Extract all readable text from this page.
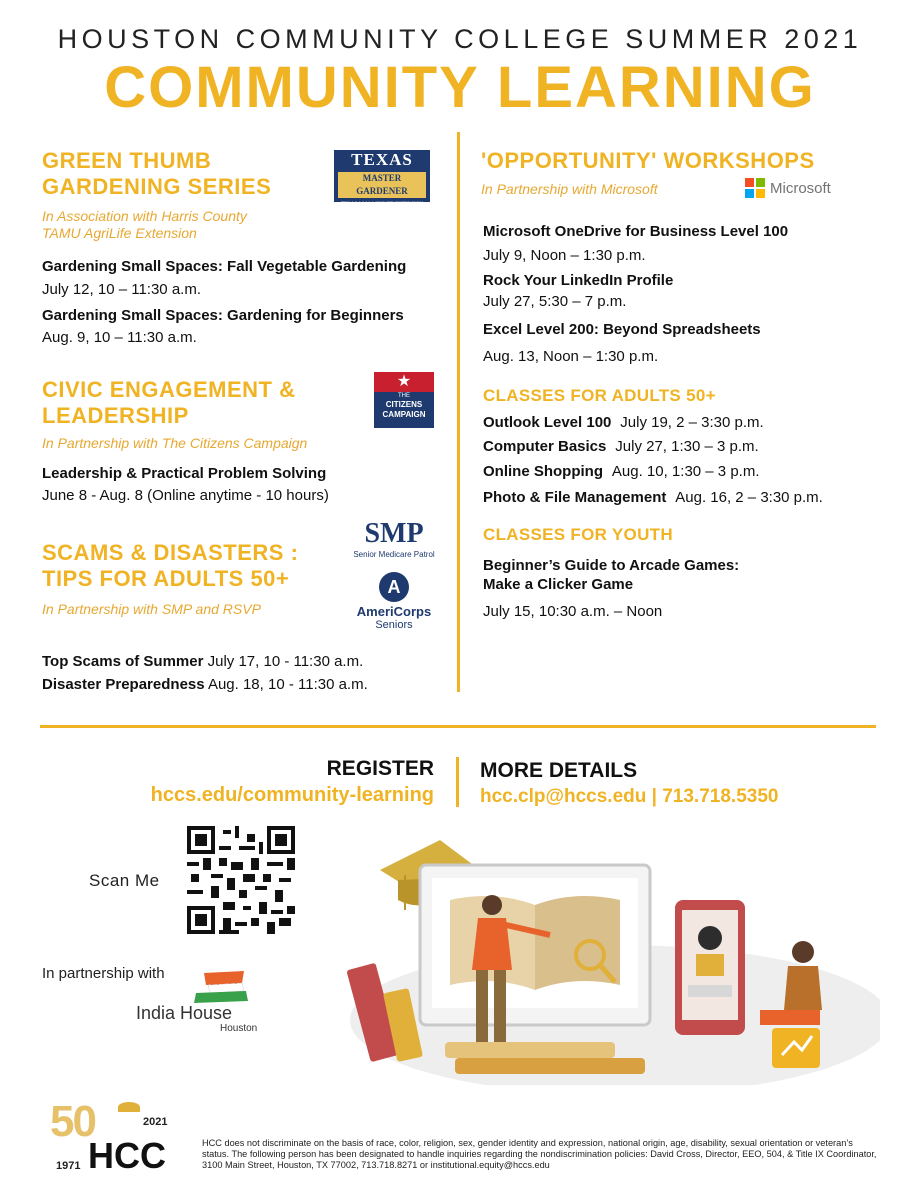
HOUSTON COMMUNITY COLLEGE SUMMER 2021
COMMUNITY LEARNING
GREEN THUMB
GARDENING SERIES
In Association with Harris County
TAMU AgriLife Extension
TEXAS
MASTER GARDENER
TEXAS A&M AGRILIFE EXTENSION
Gardening Small Spaces: Fall Vegetable Gardening
July 12, 10 – 11:30 a.m.
Gardening Small Spaces: Gardening for Beginners
Aug. 9, 10 – 11:30 a.m.
CIVIC ENGAGEMENT &
LEADERSHIP
★
THE
CITIZENS
CAMPAIGN
In Partnership with The Citizens Campaign
Leadership & Practical Problem Solving
June 8 - Aug. 8 (Online anytime - 10 hours)
SCAMS & DISASTERS :
TIPS FOR ADULTS 50+
In Partnership with SMP and RSVP
SMP
Senior Medicare Patrol
A
AmeriCorps
Seniors
Top Scams of Summer July 17, 10 - 11:30 a.m.
Disaster Preparedness Aug. 18, 10 - 11:30 a.m.
'OPPORTUNITY' WORKSHOPS
In Partnership with Microsoft	Microsoft
Microsoft OneDrive for Business Level 100
July 9, Noon – 1:30 p.m.
Rock Your LinkedIn Profile
July 27, 5:30 – 7 p.m.
Excel Level 200: Beyond Spreadsheets
Aug. 13, Noon – 1:30 p.m.
CLASSES FOR ADULTS 50+
Outlook Level 100 July 19, 2 – 3:30 p.m.
Computer Basics July 27, 1:30 – 3 p.m.
Online Shopping Aug. 10, 1:30 – 3 p.m.
Photo & File Management Aug. 16, 2 – 3:30 p.m.
CLASSES FOR YOUTH
Beginner’s Guide to Arcade Games:
Make a Clicker Game
July 15, 10:30 a.m. – Noon
REGISTER
hccs.edu/community-learning
MORE DETAILS
hcc.clp@hccs.edu | 713.718.5350
Scan Me
In partnership with
India House
Houston
50	2021
1971 HCC	HCC does not discriminate on the basis of race, color, religion, sex, gender identity and expression, national origin, age, disability, sexual orientation or veteran’s status. The following person has been designated to handle inquiries regarding the nondiscrimination policies: David Cross, Director, EEO, 504, & Title IX Coordinator, 3100 Main Street, Houston, TX 77002, 713.718.8271 or institutional.equity@hccs.edu
